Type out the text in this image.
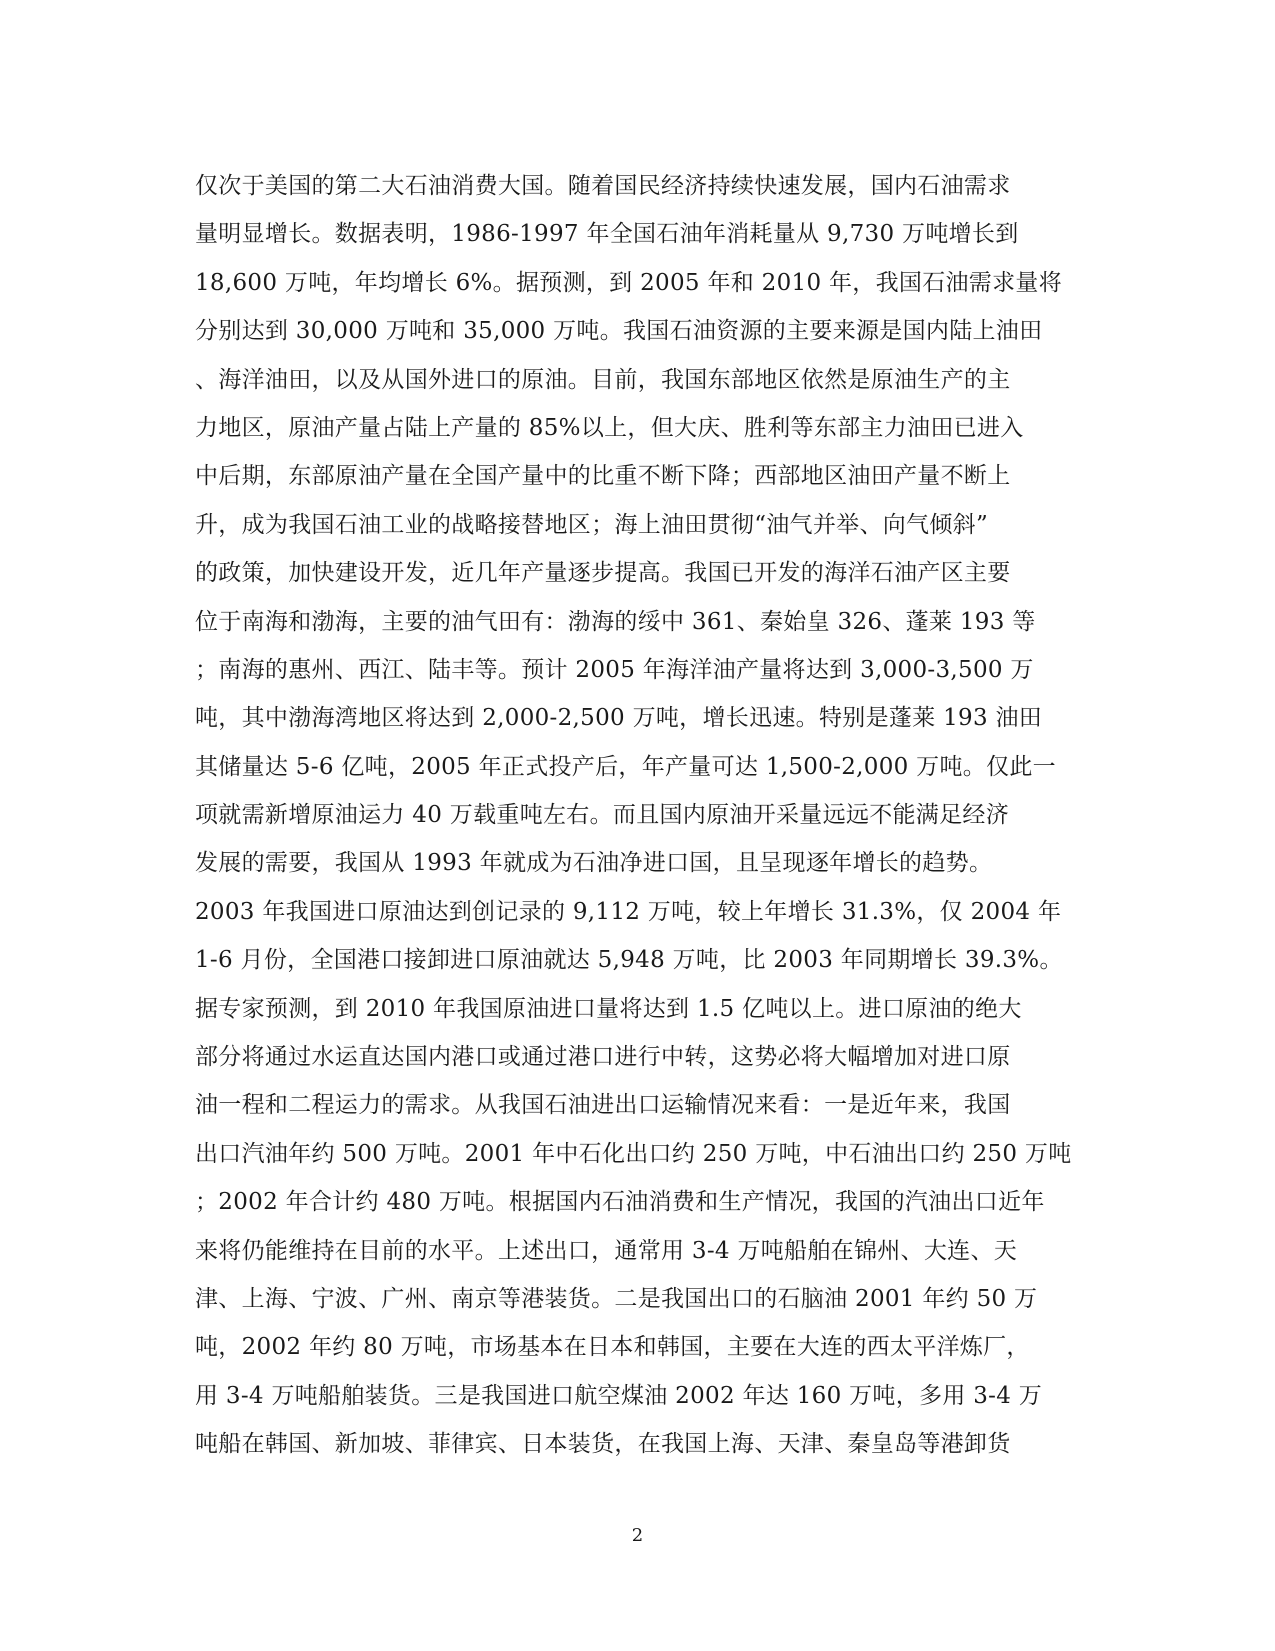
仅次于美国的第二大石油消费大国。随着国民经济持续快速发展，国内石油需求
量明显增长。数据表明，1986-1997 年全国石油年消耗量从 9,730 万吨增长到
18,600 万吨，年均增长 6%。据预测，到 2005 年和 2010 年，我国石油需求量将
分别达到 30,000 万吨和 35,000 万吨。我国石油资源的主要来源是国内陆上油田
、海洋油田，以及从国外进口的原油。目前，我国东部地区依然是原油生产的主
力地区，原油产量占陆上产量的 85%以上，但大庆、胜利等东部主力油田已进入
中后期，东部原油产量在全国产量中的比重不断下降；西部地区油田产量不断上
升，成为我国石油工业的战略接替地区；海上油田贯彻“油气并举、向气倾斜”
的政策，加快建设开发，近几年产量逐步提高。我国已开发的海洋石油产区主要
位于南海和渤海，主要的油气田有：渤海的绥中 361、秦始皇 326、蓬莱 193 等
；南海的惠州、西江、陆丰等。预计 2005 年海洋油产量将达到 3,000-3,500 万
吨，其中渤海湾地区将达到 2,000-2,500 万吨，增长迅速。特别是蓬莱 193 油田
其储量达 5-6 亿吨，2005 年正式投产后，年产量可达 1,500-2,000 万吨。仅此一
项就需新增原油运力 40 万载重吨左右。而且国内原油开采量远远不能满足经济
发展的需要，我国从 1993 年就成为石油净进口国，且呈现逐年增长的趋势。
2003 年我国进口原油达到创记录的 9,112 万吨，较上年增长 31.3%，仅 2004 年
1-6 月份，全国港口接卸进口原油就达 5,948 万吨，比 2003 年同期增长 39.3%。
据专家预测，到 2010 年我国原油进口量将达到 1.5 亿吨以上。进口原油的绝大
部分将通过水运直达国内港口或通过港口进行中转，这势必将大幅增加对进口原
油一程和二程运力的需求。从我国石油进出口运输情况来看：一是近年来，我国
出口汽油年约 500 万吨。2001 年中石化出口约 250 万吨，中石油出口约 250 万吨
；2002 年合计约 480 万吨。根据国内石油消费和生产情况，我国的汽油出口近年
来将仍能维持在目前的水平。上述出口，通常用 3-4 万吨船舶在锦州、大连、天
津、上海、宁波、广州、南京等港装货。二是我国出口的石脑油 2001 年约 50 万
吨，2002 年约 80 万吨，市场基本在日本和韩国，主要在大连的西太平洋炼厂，
用 3-4 万吨船舶装货。三是我国进口航空煤油 2002 年达 160 万吨，多用 3-4 万
吨船在韩国、新加坡、菲律宾、日本装货，在我国上海、天津、秦皇岛等港卸货
2
